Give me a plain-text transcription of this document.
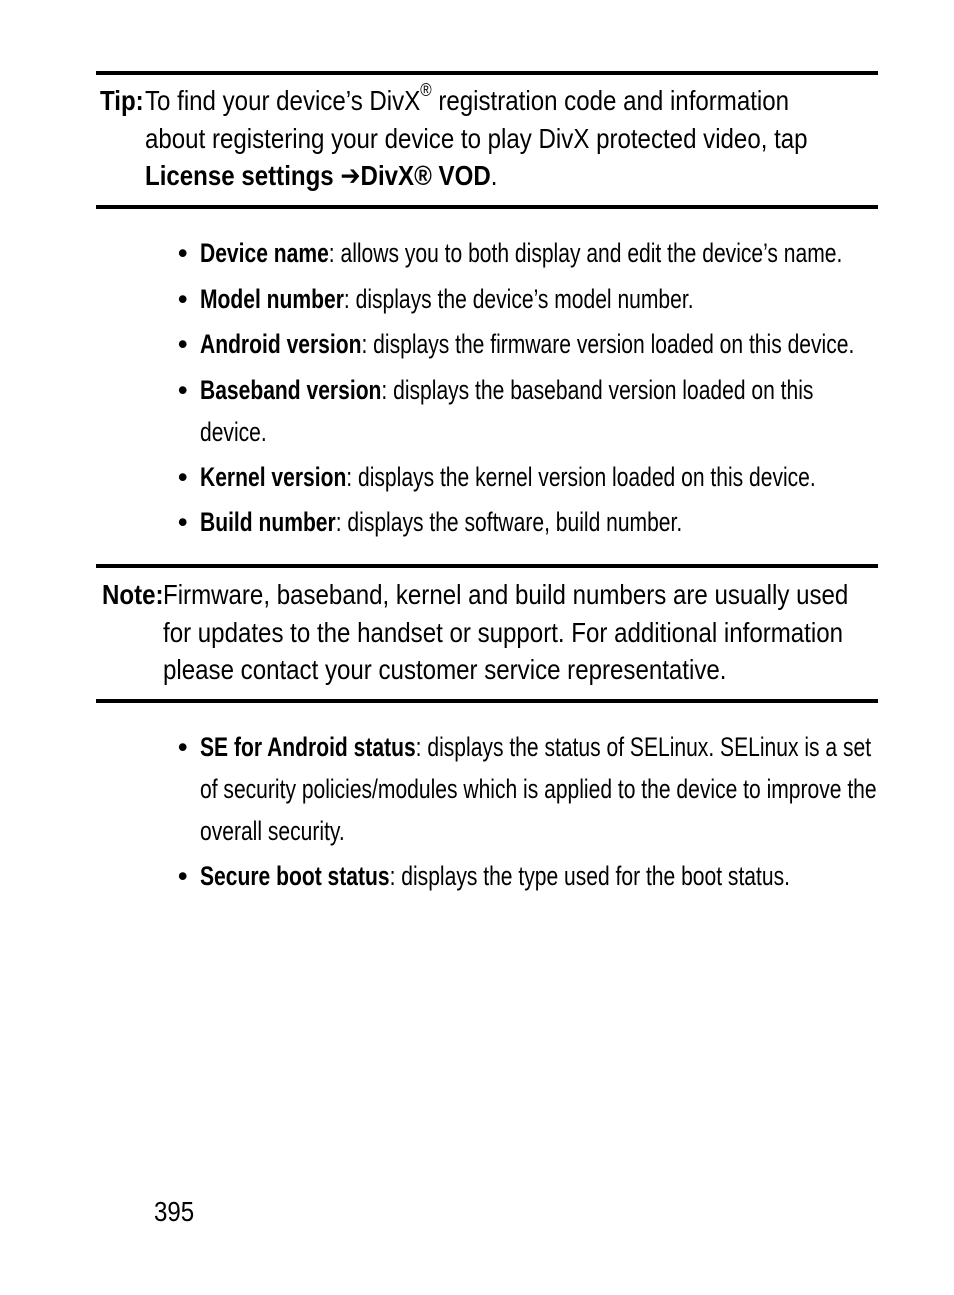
Tip: To find your device’s DivX® registration code and information
about registering your device to play DivX protected video, tap
License settings ➔DivX® VOD.
• Device name: allows you to both display and edit the device’s name.
• Model number: displays the device’s model number.
• Android version: displays the firmware version loaded on this device.
• Baseband version: displays the baseband version loaded on this
device.
• Kernel version: displays the kernel version loaded on this device.
• Build number: displays the software, build number.
Note: Firmware, baseband, kernel and build numbers are usually used
for updates to the handset or support. For additional information
please contact your customer service representative.
• SE for Android status: displays the status of SELinux. SELinux is a set
of security policies/modules which is applied to the device to improve the
overall security.
• Secure boot status: displays the type used for the boot status.
395
